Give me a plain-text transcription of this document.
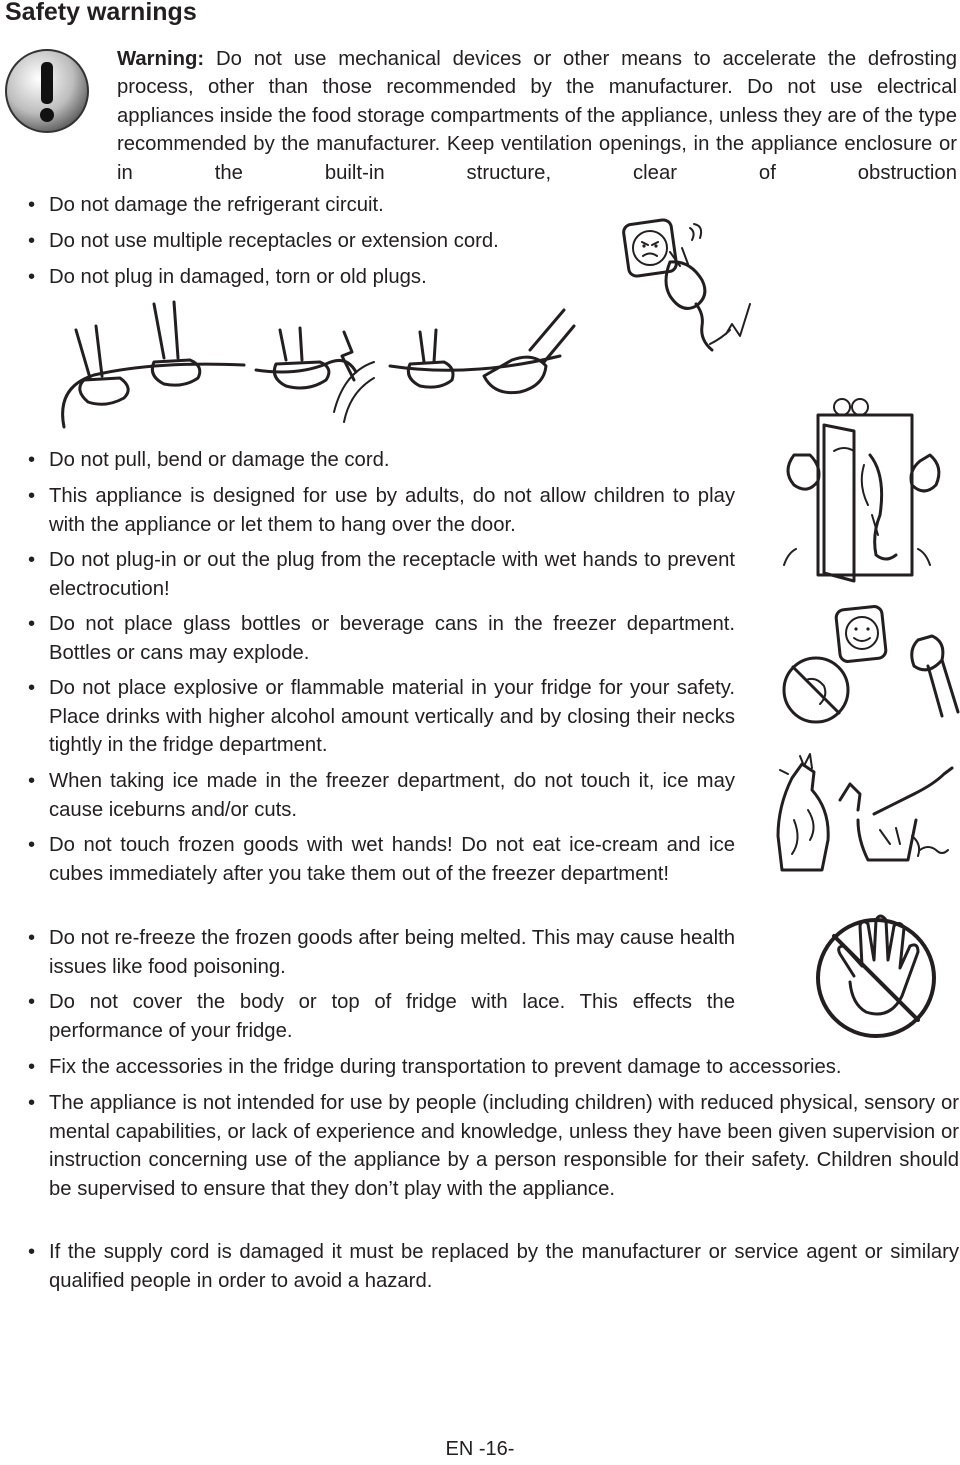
Safety warnings
Warning: Do not use mechanical devices or other means to accelerate the defrosting process, other than those recommended by the manufacturer. Do not use electrical appliances inside the food storage compartments of the appliance, unless they are of the type recommended by the manufacturer. Keep ventilation openings, in the appliance enclosure or in the built-in structure, clear of obstruction
• Do not damage the refrigerant circuit.
• Do not use multiple receptacles or extension cord.
• Do not plug in damaged, torn or old plugs.
• Do not pull, bend or damage the cord.
• This appliance is designed for use by adults, do not allow children to play with the appliance or let them to hang over the door.
• Do not plug-in or out the plug from the receptacle with wet hands to prevent electrocution!
• Do not place glass bottles or beverage cans in the freezer department. Bottles or cans may explode.
• Do not place explosive or flammable material in your fridge for your safety. Place drinks with higher alcohol amount vertically and by closing their necks tightly in the fridge department.
• When taking ice made in the freezer department, do not touch it, ice may cause iceburns and/or cuts.
• Do not touch frozen goods with wet hands! Do not eat ice-cream and ice cubes immediately after you take them out of the freezer department!
• Do not re-freeze the frozen goods after being melted. This may cause health issues like food poisoning.
• Do not cover the body or top of fridge with lace. This effects the performance of your fridge.
• Fix the accessories in the fridge during transportation to prevent damage to accessories.
• The appliance is not intended for use by people (including children) with reduced physical, sensory or mental capabilities, or lack of experience and knowledge, unless they have been given supervision or instruction concerning use of the appliance by a person responsible for their safety. Children should be supervised to ensure that they don’t play with the appliance.
• If the supply cord is damaged it must be replaced by the manufacturer or service agent or similary qualified people in order to avoid a hazard.
EN -16-
